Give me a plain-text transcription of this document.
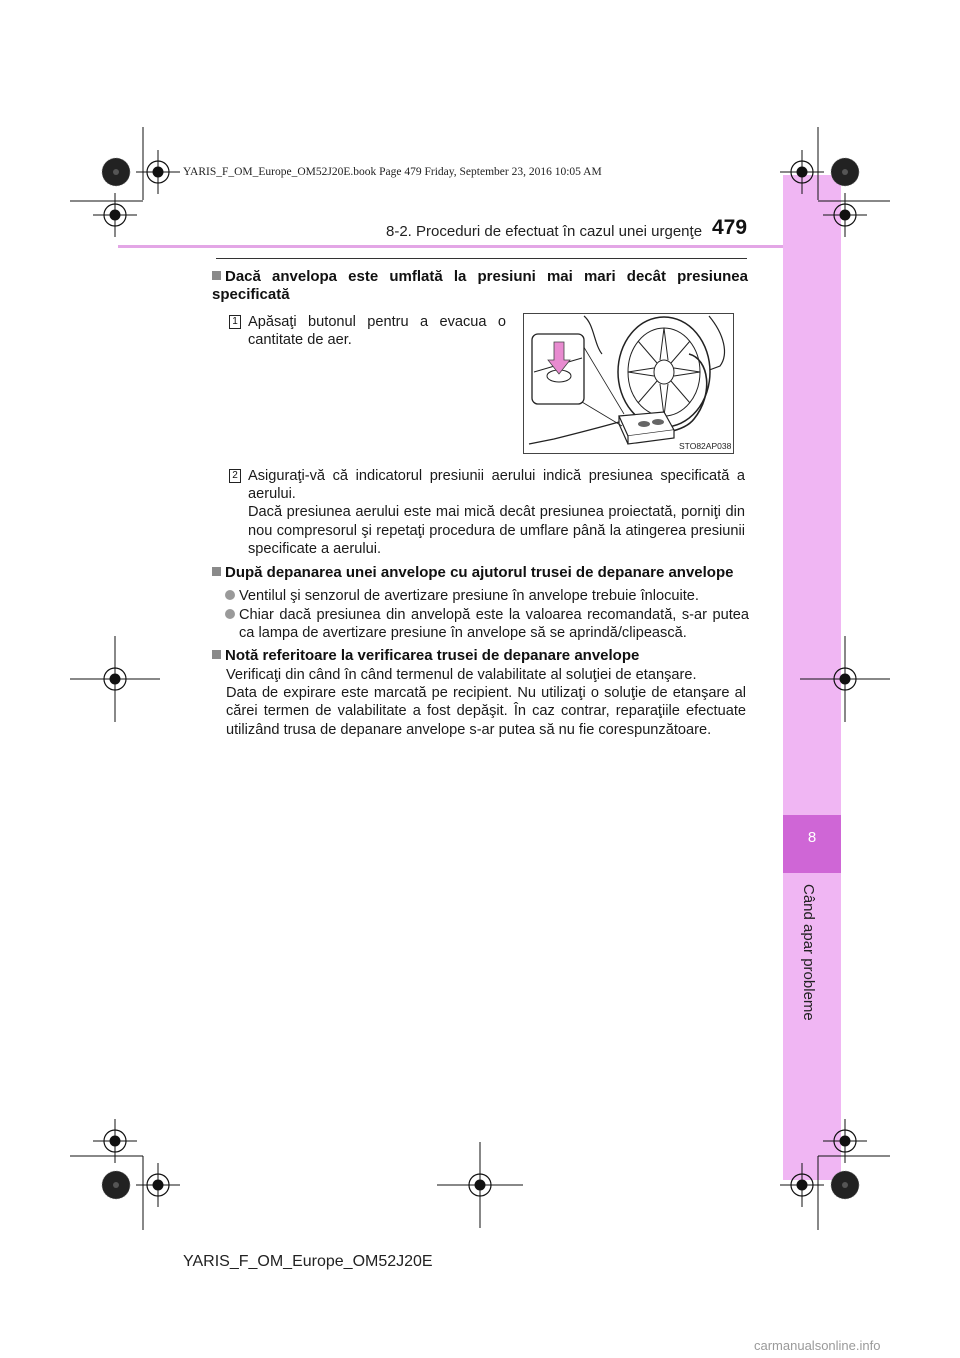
8
Când apar probleme
YARIS_F_OM_Europe_OM52J20E.book Page 479 Friday, September 23, 2016 10:05 AM
8-2. Proceduri de efectuat în cazul unei urgenţe 479
Dacă anvelopa este umflată la presiuni mai mari decât presiunea specificată
1 Apăsaţi butonul pentru a evacua o cantitate de aer.
STO82AP038
2 Asiguraţi-vă că indicatorul presiunii aerului indică presiunea specificată a aerului.
Dacă presiunea aerului este mai mică decât presiunea proiectată, porniţi din nou compresorul şi repetaţi procedura de umflare până la atingerea presiunii specificate a aerului.
După depanarea unei anvelope cu ajutorul trusei de depanare anvelope
Ventilul şi senzorul de avertizare presiune în anvelope trebuie înlocuite.
Chiar dacă presiunea din anvelopă este la valoarea recomandată, s-ar putea ca lampa de avertizare presiune în anvelope să se aprindă/clipească.
Notă referitoare la verificarea trusei de depanare anvelope
Verificaţi din când în când termenul de valabilitate al soluţiei de etanşare.
Data de expirare este marcată pe recipient. Nu utilizaţi o soluţie de etanşare al cărei termen de valabilitate a fost depăşit. În caz contrar, reparaţiile efectuate utilizând trusa de depanare anvelope s-ar putea să nu fie corespunzătoare.
YARIS_F_OM_Europe_OM52J20E
carmanualsonline.info
